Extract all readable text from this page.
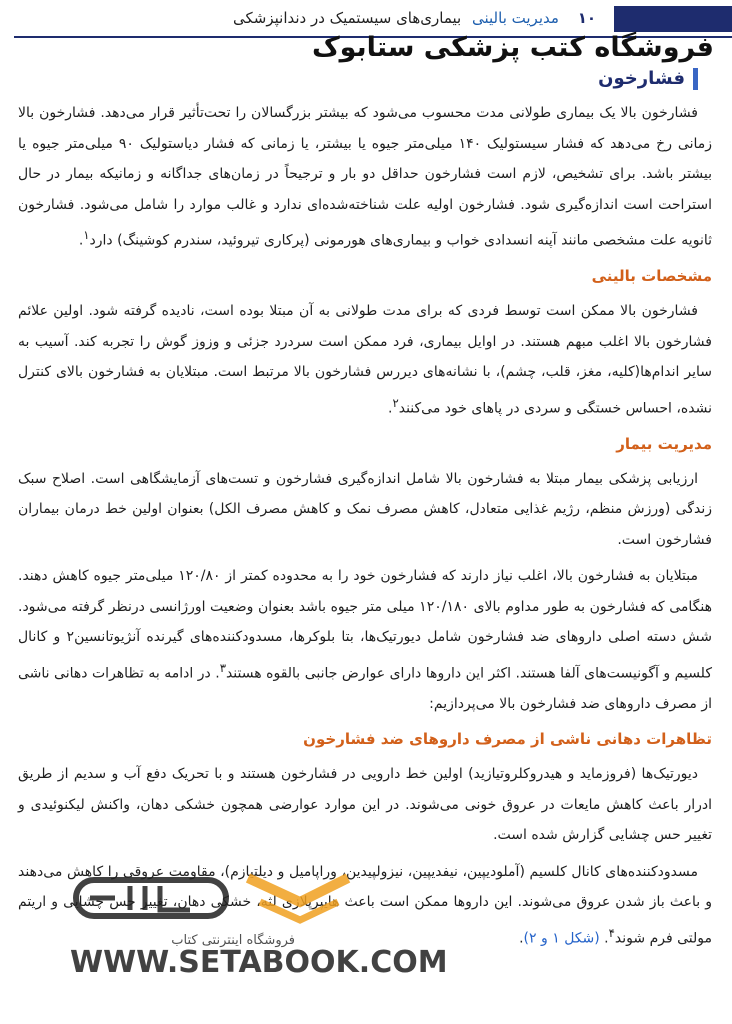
۱۰ مدیریت بالینی بیماری‌های سیستمیک در دندانپزشکی
فروشگاه کتب پزشکی ستابوک
فشارخون

فشارخون بالا یک بیماری طولانی مدت محسوب می‌شود که بیشتر بزرگسالان را تحت‌تأثیر قرار می‌دهد. فشارخون بالا زمانی رخ می‌دهد که فشار سیستولیک ۱۴۰ میلی‌متر جیوه یا بیشتر، یا زمانی که فشار دیاستولیک ۹۰ میلی‌متر جیوه یا بیشتر باشد. برای تشخیص، لازم است فشارخون حداقل دو بار و ترجیحاً در زمان‌های جداگانه و زمانیکه بیمار در حال استراحت است اندازه‌گیری شود. فشارخون اولیه علت شناخته‌شده‌ای ندارد و غالب موارد را شامل می‌شود. فشارخون ثانویه علت مشخصی مانند آپنه انسدادی خواب و بیماری‌های هورمونی (پرکاری تیروئید، سندرم کوشینگ) دارد$^۱$.

مشخصات بالینی

فشارخون بالا ممکن است توسط فردی که برای مدت طولانی به آن مبتلا بوده است، نادیده گرفته شود. اولین علائم فشارخون بالا اغلب مبهم هستند. در اوایل بیماری، فرد ممکن است سردرد جزئی و وزوز گوش را تجربه کند. آسیب به سایر اندام‌ها(کلیه، مغز، قلب، چشم)، با نشانه‌های دیررس فشارخون بالا مرتبط است. مبتلایان به فشارخون بالای کنترل نشده، احساس خستگی و سردی در پاهای خود می‌کنند$^۲$.

مدیریت بیمار

ارزیابی پزشکی بیمار مبتلا به فشارخون بالا شامل اندازه‌گیری فشارخون و تست‌های آزمایشگاهی است. اصلاح سبک زندگی (ورزش منظم، رژیم غذایی متعادل، کاهش مصرف نمک و کاهش مصرف الکل) بعنوان اولین خط درمان بیماران فشارخون است.

مبتلایان به فشارخون بالا، اغلب نیاز دارند که فشارخون خود را به محدوده کمتر از ۱۲۰/۸۰ میلی‌متر جیوه کاهش دهند. هنگامی که فشارخون به طور مداوم بالای ۱۲۰/۱۸۰ میلی متر جیوه باشد بعنوان وضعیت اورژانسی درنظر گرفته می‌شود. شش دسته اصلی داروهای ضد فشارخون شامل دیورتیک‌ها، بتا بلوکرها، مسدودکننده‌های گیرنده آنژیوتانسین۲ و کانال کلسیم و آگونیست‌های آلفا هستند. اکثر این داروها دارای عوارض جانبی بالقوه هستند$^۳$. در ادامه به تظاهرات دهانی ناشی از مصرف داروهای ضد فشارخون بالا می‌پردازیم:

تظاهرات دهانی ناشی از مصرف داروهای ضد فشارخون

دیورتیک‌ها (فروزماید و هیدروکلروتیازید) اولین خط دارویی در فشارخون هستند و با تحریک دفع آب و سدیم از طریق ادرار باعث کاهش مایعات در عروق خونی می‌شوند. در این موارد عوارضی همچون خشکی دهان، واکنش لیکنوئیدی و تغییر حس چشایی گزارش شده است.

مسدودکننده‌های کانال کلسیم (آملودیپین، نیفدیپین، نیزولپیدین، وراپامیل و دیلتیازم)، مقاومت عروقی را کاهش می‌دهند و باعث باز شدن عروق می‌شوند. این داروها ممکن است باعث هایپرپلازی لثه، خشکی دهان، تغییر حس چشایی و اریتم مولتی فرم شوند$^۴$. (شکل ۱ و ۲).

فروشگاه اینترنتی کتاب
WWW.SETABOOK.COM
